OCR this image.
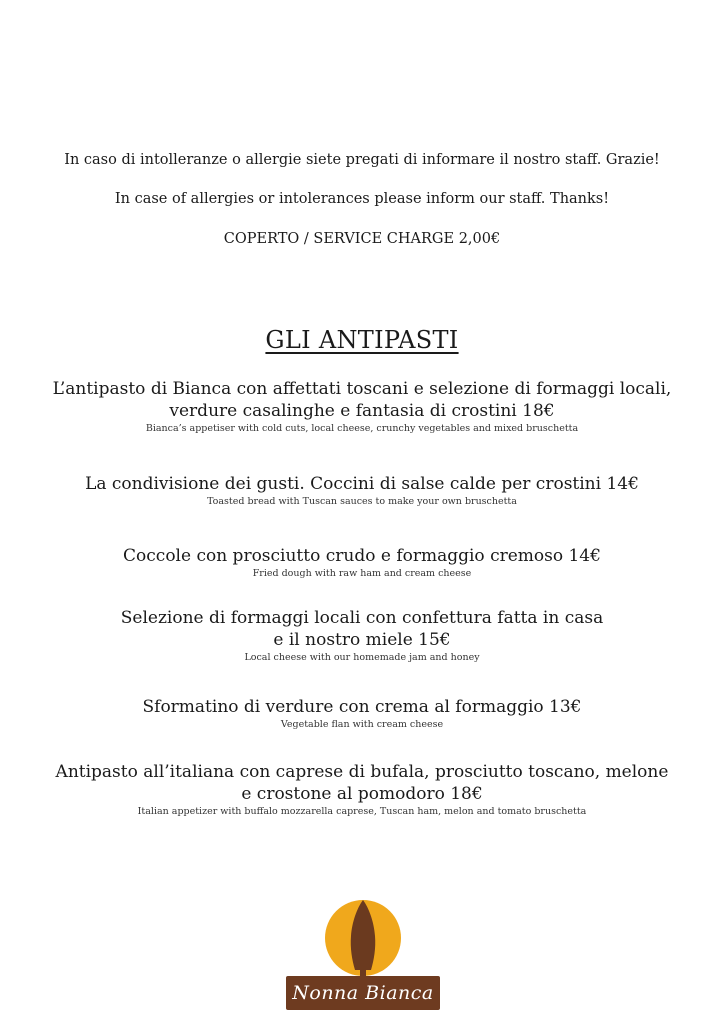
In caso di intolleranze o allergie siete pregati di informare il nostro staff. Grazie!

In case of allergies or intolerances please inform our staff. Thanks!

COPERTO / SERVICE CHARGE 2,00€

GLI ANTIPASTI

L’antipasto di Bianca con affettati toscani e selezione di formaggi locali,
verdure casalinghe e fantasia di crostini 18€

Bianca’s appetiser with cold cuts, local cheese, crunchy vegetables and mixed bruschetta

La condivisione dei gusti. Coccini di salse calde per crostini 14€

Toasted bread with Tuscan sauces to make your own bruschetta

Coccole con prosciutto crudo e formaggio cremoso 14€

Fried dough with raw ham and cream cheese

Selezione di formaggi locali con confettura fatta in casa
e il nostro miele 15€

Local cheese with our homemade jam and honey

Sformatino di verdure con crema al formaggio 13€

Vegetable flan with cream cheese

Antipasto all’italiana con caprese di bufala, prosciutto toscano, melone
e crostone al pomodoro 18€

Italian appetizer with buffalo mozzarella caprese, Tuscan ham, melon and tomato bruschetta

Nonna Bianca
